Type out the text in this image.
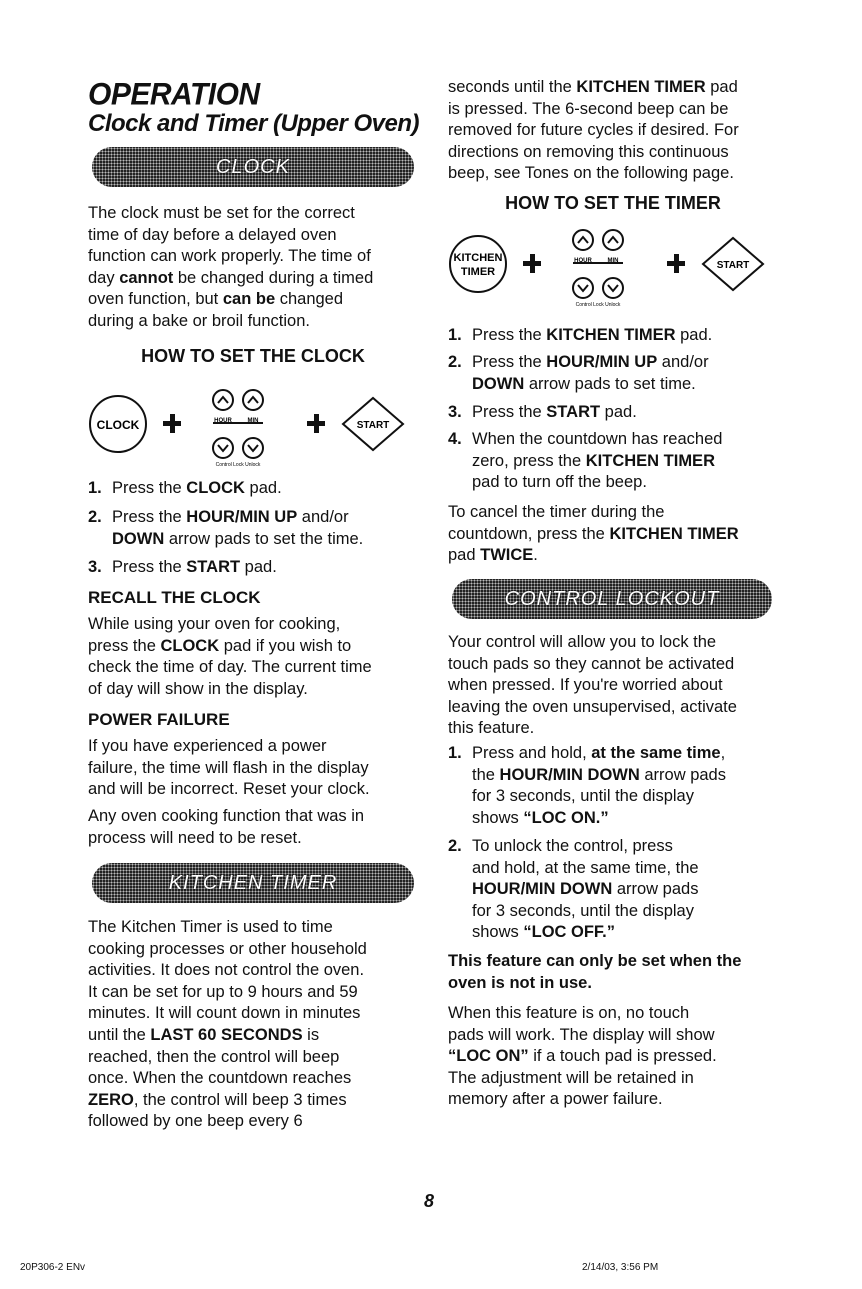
OPERATION
Clock and Timer (Upper Oven)
CLOCK
The clock must be set for the correct
time of day before a delayed oven
function can work properly. The time of
day cannot be changed during a timed
oven function, but can be changed
during a bake or broil function.
HOW TO SET THE CLOCK
CLOCK	HOUR	MIN
Control Lock Unlock
START
1. Press the CLOCK pad.
2. Press the HOUR/MIN UP and/or
DOWN arrow pads to set the time.
3. Press the START pad.
RECALL THE CLOCK
While using your oven for cooking,
press the CLOCK pad if you wish to
check the time of day. The current time
of day will show in the display.
POWER FAILURE
If you have experienced a power
failure, the time will flash in the display
and will be incorrect. Reset your clock.
Any oven cooking function that was in
process will need to be reset.
KITCHEN TIMER
The Kitchen Timer is used to time
cooking processes or other household
activities. It does not control the oven.
It can be set for up to 9 hours and 59
minutes. It will count down in minutes
until the LAST 60 SECONDS is
reached, then the control will beep
once. When the countdown reaches
ZERO, the control will beep 3 times
followed by one beep every 6
seconds until the KITCHEN TIMER pad
is pressed. The 6-second beep can be
removed for future cycles if desired. For
directions on removing this continuous
beep, see Tones on the following page.
HOW TO SET THE TIMER
KITCHEN
TIMER
HOUR	MIN
Control Lock Unlock
START
1. Press the KITCHEN TIMER pad.
2. Press the HOUR/MIN UP and/or
DOWN arrow pads to set time.
3. Press the START pad.
4. When the countdown has reached
zero, press the KITCHEN TIMER
pad to turn off the beep.
To cancel the timer during the
countdown, press the KITCHEN TIMER
pad TWICE.
CONTROL LOCKOUT
Your control will allow you to lock the
touch pads so they cannot be activated
when pressed. If you're worried about
leaving the oven unsupervised, activate
this feature.
1. Press and hold, at the same time,
the HOUR/MIN DOWN arrow pads
for 3 seconds, until the display
shows “LOC ON.”
2. To unlock the control, press
and hold, at the same time, the
HOUR/MIN DOWN arrow pads
for 3 seconds, until the display
shows “LOC OFF.”
This feature can only be set when the
oven is not in use.
When this feature is on, no touch
pads will work. The display will show
“LOC ON” if a touch pad is pressed.
The adjustment will be retained in
memory after a power failure.
8
20P306-2 ENv	2/14/03, 3:56 PM
